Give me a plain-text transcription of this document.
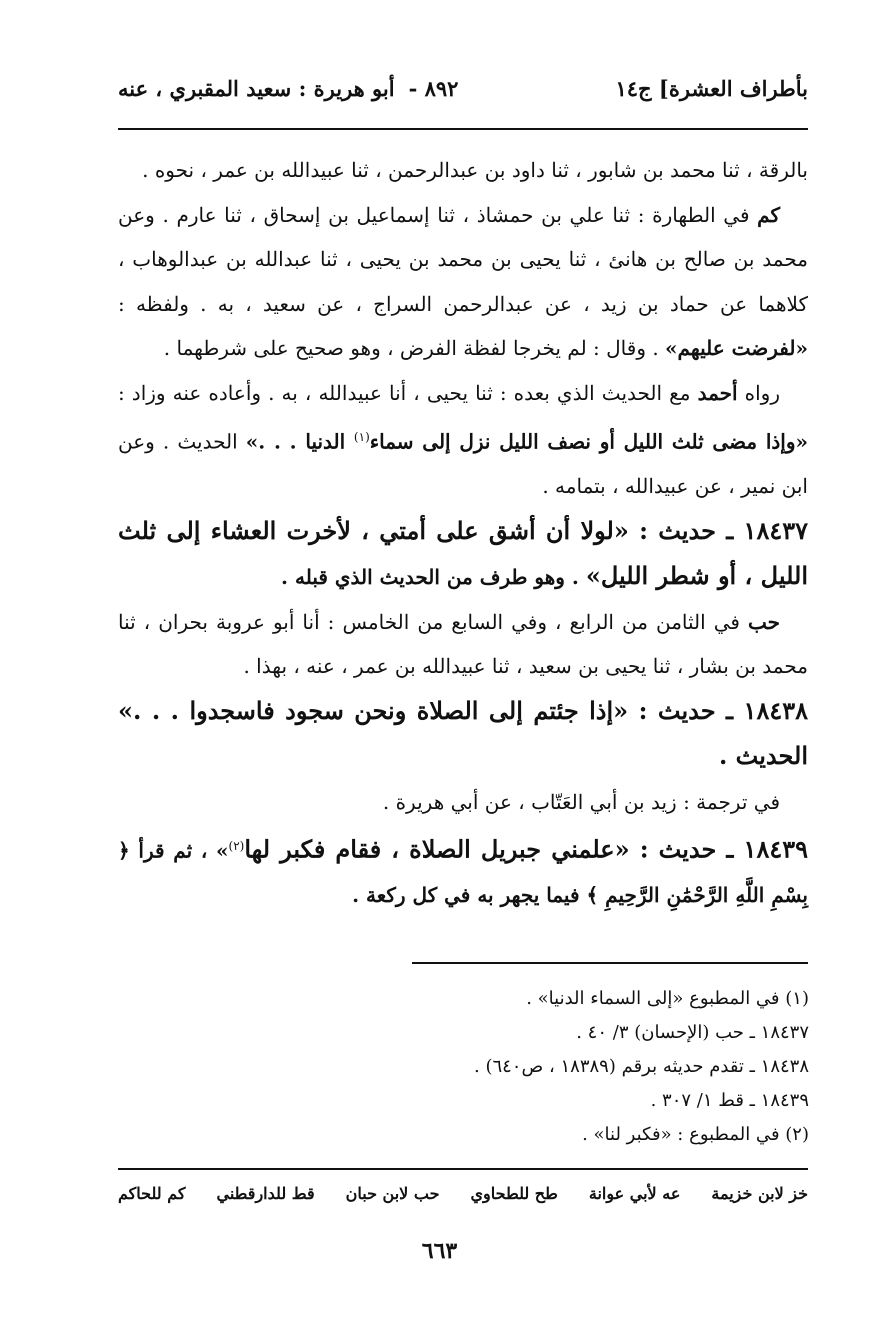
بأطراف العشرة] ج١٤
٨٩٢ -أبو هريرة : سعيد المقبري ، عنه

بالرقة ، ثنا محمد بن شابور ، ثنا داود بن عبدالرحمن ، ثنا عبيدالله بن عمر ، نحوه .

كم في الطهارة : ثنا علي بن حمشاذ ، ثنا إسماعيل بن إسحاق ، ثنا عارم . وعن محمد بن صالح بن هانئ ، ثنا يحيى بن محمد بن يحيى ، ثنا عبدالله بن عبدالوهاب ، كلاهما عن حماد بن زيد ، عن عبدالرحمن السراج ، عن سعيد ، به . ولفظه : «لفرضت عليهم» . وقال : لم يخرجا لفظة الفرض ، وهو صحيح على شرطهما .

رواه أحمد مع الحديث الذي بعده : ثنا يحيى ، أنا عبيدالله ، به . وأعاده عنه وزاد : «وإذا مضى ثلث الليل أو نصف الليل نزل إلى سماء$^{(١)}$ الدنيا . . .» الحديث . وعن ابن نمير ، عن عبيدالله ، بتمامه .

١٨٤٣٧ ـ حديث : «لولا أن أشق على أمتي ، لأخرت العشاء إلى ثلث الليل ، أو شطر الليل» . وهو طرف من الحديث الذي قبله .

حب في الثامن من الرابع ، وفي السابع من الخامس : أنا أبو عروبة بحران ، ثنا محمد بن بشار ، ثنا يحيى بن سعيد ، ثنا عبيدالله بن عمر ، عنه ، بهذا .

١٨٤٣٨ ـ حديث : «إذا جئتم إلى الصلاة ونحن سجود فاسجدوا . . .» الحديث .

في ترجمة : زيد بن أبي العَتّاب ، عن أبي هريرة .

١٨٤٣٩ ـ حديث : «علمني جبريل الصلاة ، فقام فكبر لها$^{(٢)}$» ، ثم قرأ ﴿ بِسْمِ اللَّهِ الرَّحْمَٰنِ الرَّحِيمِ ﴾ فيما يجهر به في كل ركعة .

(١) في المطبوع «إلى السماء الدنيا» .
١٨٤٣٧ ـ حب (الإحسان) ٣/ ٤٠ .
١٨٤٣٨ ـ تقدم حديثه برقم (١٨٣٨٩ ، ص٦٤٠) .
١٨٤٣٩ ـ قط ١/ ٣٠٧ .
(٢) في المطبوع : «فكبر لنا» .
خز لابن خزيمة
عه لأبي عوانة
طح للطحاوي
حب لابن حبان
قط للدارقطني
كم للحاكم
٦٦٣
